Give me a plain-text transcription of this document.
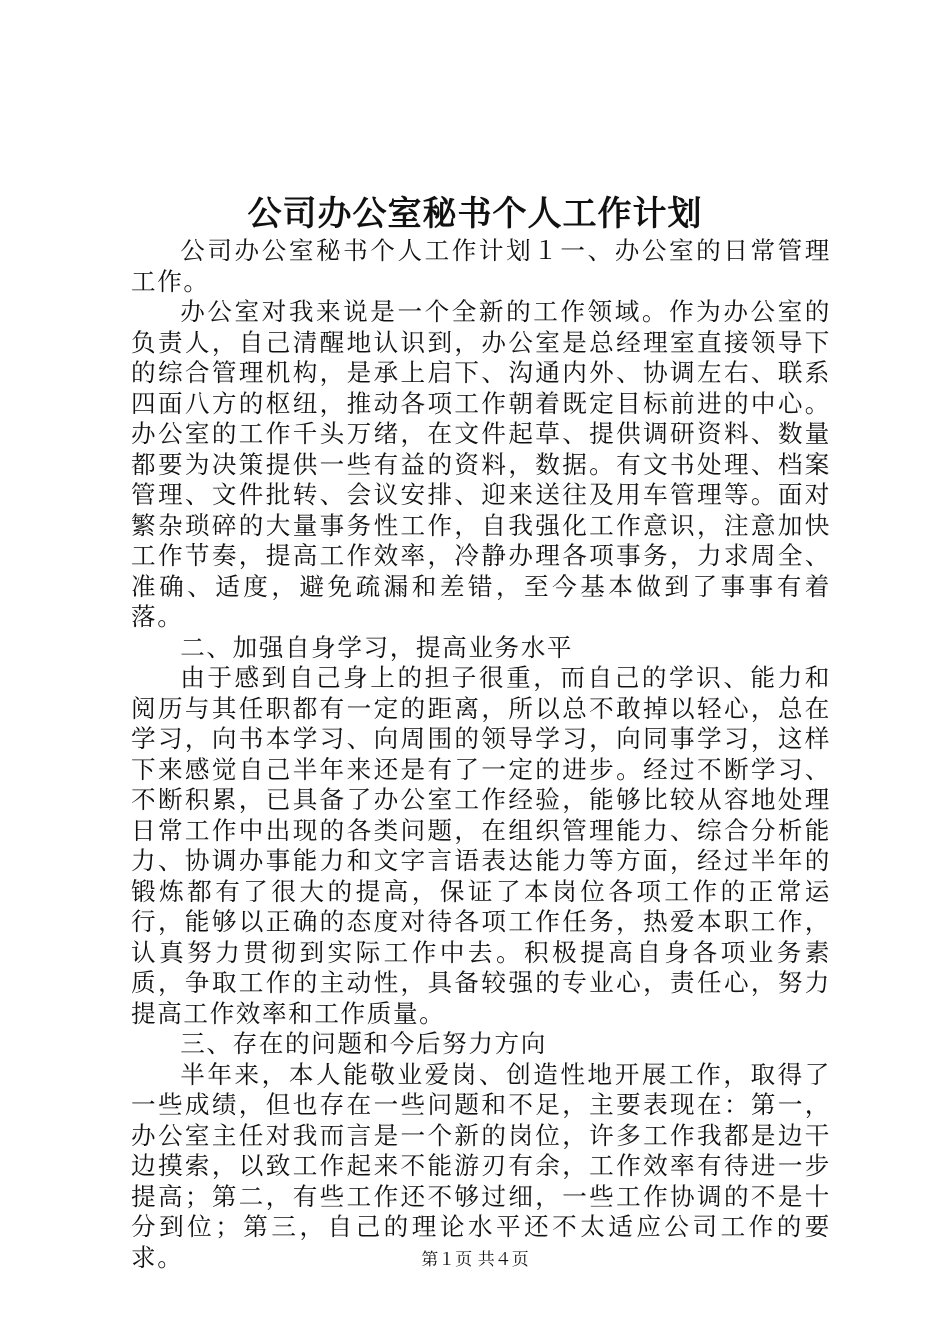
公司办公室秘书个人工作计划

公司办公室秘书个人工作计划１一、办公室的日常管理工作。

办公室对我来说是一个全新的工作领域。作为办公室的负责人，自己清醒地认识到，办公室是总经理室直接领导下的综合管理机构，是承上启下、沟通内外、协调左右、联系四面八方的枢纽，推动各项工作朝着既定目标前进的中心。办公室的工作千头万绪，在文件起草、提供调研资料、数量都要为决策提供一些有益的资料，数据。有文书处理、档案管理、文件批转、会议安排、迎来送往及用车管理等。面对繁杂琐碎的大量事务性工作，自我强化工作意识，注意加快工作节奏，提高工作效率，冷静办理各项事务，力求周全、准确、适度，避免疏漏和差错，至今基本做到了事事有着落。

二、加强自身学习，提高业务水平

由于感到自己身上的担子很重，而自己的学识、能力和阅历与其任职都有一定的距离，所以总不敢掉以轻心，总在学习，向书本学习、向周围的领导学习，向同事学习，这样下来感觉自己半年来还是有了一定的进步。经过不断学习、不断积累，已具备了办公室工作经验，能够比较从容地处理日常工作中出现的各类问题，在组织管理能力、综合分析能力、协调办事能力和文字言语表达能力等方面，经过半年的锻炼都有了很大的提高，保证了本岗位各项工作的正常运行，能够以正确的态度对待各项工作任务，热爱本职工作，认真努力贯彻到实际工作中去。积极提高自身各项业务素质，争取工作的主动性，具备较强的专业心，责任心，努力提高工作效率和工作质量。

三、存在的问题和今后努力方向

半年来，本人能敬业爱岗、创造性地开展工作，取得了一些成绩，但也存在一些问题和不足，主要表现在：第一，办公室主任对我而言是一个新的岗位，许多工作我都是边干边摸索，以致工作起来不能游刃有余，工作效率有待进一步提高；第二，有些工作还不够过细，一些工作协调的不是十分到位；第三，自己的理论水平还不太适应公司工作的要求。	第１页 共４页
